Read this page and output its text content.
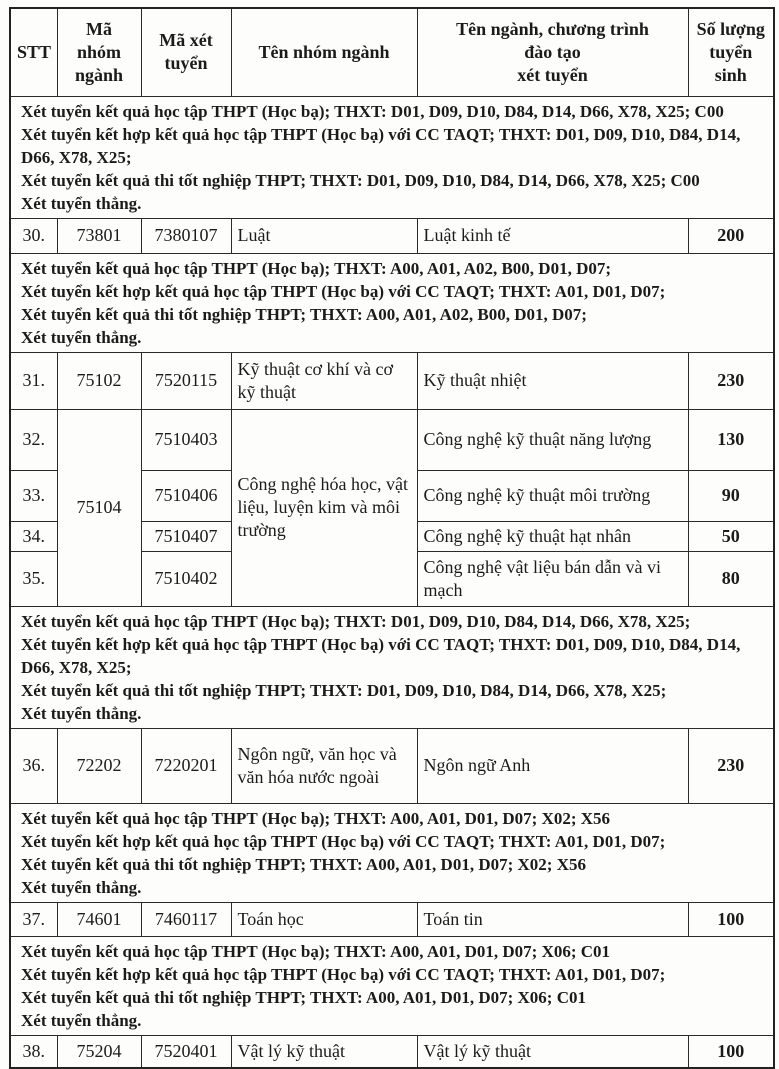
STT	Mã nhóm ngành	Mã xét tuyển	Tên nhóm ngành	Tên ngành, chương trình
đào tạo
xét tuyển	Số lượng tuyển sinh

Xét tuyển kết quả học tập THPT (Học bạ); THXT: D01, D09, D10, D84, D14, D66, X78, X25; C00
Xét tuyển kết hợp kết quả học tập THPT (Học bạ) với CC TAQT; THXT: D01, D09, D10, D84, D14, D66, X78, X25;
Xét tuyển kết quả thi tốt nghiệp THPT; THXT: D01, D09, D10, D84, D14, D66, X78, X25; C00
Xét tuyển thẳng.					

30.	73801	7380107	Luật	Luật kinh tế	200

Xét tuyển kết quả học tập THPT (Học bạ); THXT: A00, A01, A02, B00, D01, D07;
Xét tuyển kết hợp kết quả học tập THPT (Học bạ) với CC TAQT; THXT: A01, D01, D07;
Xét tuyển kết quả thi tốt nghiệp THPT; THXT: A00, A01, A02, B00, D01, D07;
Xét tuyển thẳng.					

31.	75102	7520115	Kỹ thuật cơ khí và cơ kỹ thuật	Kỹ thuật nhiệt	230
32.	75104	7510403	Công nghệ hóa học, vật liệu, luyện kim và môi trường	Công nghệ kỹ thuật năng lượng	130
33.		7510406		Công nghệ kỹ thuật môi trường	90
34.		7510407		Công nghệ kỹ thuật hạt nhân	50
35.		7510402		Công nghệ vật liệu bán dẫn và vi mạch	80

Xét tuyển kết quả học tập THPT (Học bạ); THXT: D01, D09, D10, D84, D14, D66, X78, X25;
Xét tuyển kết hợp kết quả học tập THPT (Học bạ) với CC TAQT; THXT: D01, D09, D10, D84, D14, D66, X78, X25;
Xét tuyển kết quả thi tốt nghiệp THPT; THXT: D01, D09, D10, D84, D14, D66, X78, X25;
Xét tuyển thẳng.					

36.	72202	7220201	Ngôn ngữ, văn học và văn hóa nước ngoài	Ngôn ngữ Anh	230

Xét tuyển kết quả học tập THPT (Học bạ); THXT: A00, A01, D01, D07; X02; X56
Xét tuyển kết hợp kết quả học tập THPT (Học bạ) với CC TAQT; THXT: A01, D01, D07;
Xét tuyển kết quả thi tốt nghiệp THPT; THXT: A00, A01, D01, D07; X02; X56
Xét tuyển thẳng.					

37.	74601	7460117	Toán học	Toán tin	100

Xét tuyển kết quả học tập THPT (Học bạ); THXT: A00, A01, D01, D07; X06; C01
Xét tuyển kết hợp kết quả học tập THPT (Học bạ) với CC TAQT; THXT: A01, D01, D07;
Xét tuyển kết quả thi tốt nghiệp THPT; THXT: A00, A01, D01, D07; X06; C01
Xét tuyển thẳng.					

38.	75204	7520401	Vật lý kỹ thuật	Vật lý kỹ thuật	100
